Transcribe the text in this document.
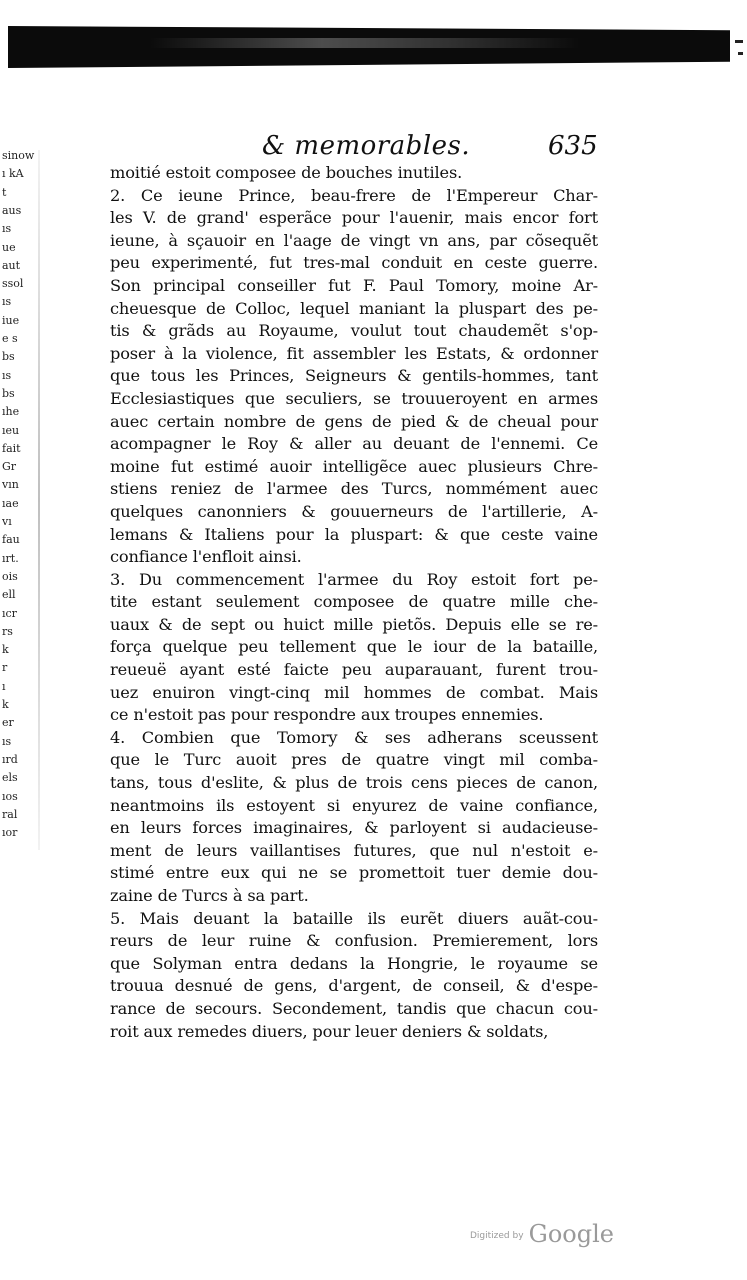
sinow
ı kA
t
aus
ıs
ue
aut
ssol
ıs
iue
e s
bs
ıs
bs
ıhe
ıeu
fait
Gr
vın
ıae
vı
fau
ırt.
ois
ell
ıcr
rs
k
r
ı
k
er
ıs
ırd
els
ıos
ral
ıor
& memorables.	635
moitié estoit composee de bouches inutiles.
2. Ce ieune Prince, beau-frere de l'Empereur Char-
les V. de grand' esperãce pour l'auenir, mais encor fort
ieune, à sçauoir en l'aage de vingt vn ans, par cõsequẽt
peu experimenté, fut tres-mal conduit en ceste guerre.
Son principal conseiller fut F. Paul Tomory, moine Ar-
cheuesque de Colloc, lequel maniant la pluspart des pe-
tis & grãds au Royaume, voulut tout chaudemẽt s'op-
poser à la violence, fit assembler les Estats, & ordonner
que tous les Princes, Seigneurs & gentils-hommes, tant
Ecclesiastiques que seculiers, se trouueroyent en armes
auec certain nombre de gens de pied & de cheual pour
acompagner le Roy & aller au deuant de l'ennemi. Ce
moine fut estimé auoir intelligẽce auec plusieurs Chre-
stiens reniez de l'armee des Turcs, nommément auec
quelques canonniers & gouuerneurs de l'artillerie, A-
lemans & Italiens pour la pluspart: & que ceste vaine
confiance l'enfloit ainsi.
3. Du commencement l'armee du Roy estoit fort pe-
tite estant seulement composee de quatre mille che-
uaux & de sept ou huict mille pietõs. Depuis elle se re-
força quelque peu tellement que le iour de la bataille,
reueuë ayant esté faicte peu auparauant, furent trou-
uez enuiron vingt-cinq mil hommes de combat. Mais
ce n'estoit pas pour respondre aux troupes ennemies.
4. Combien que Tomory & ses adherans sceussent
que le Turc auoit pres de quatre vingt mil comba-
tans, tous d'eslite, & plus de trois cens pieces de canon,
neantmoins ils estoyent si enyurez de vaine confiance,
en leurs forces imaginaires, & parloyent si audacieuse-
ment de leurs vaillantises futures, que nul n'estoit e-
stimé entre eux qui ne se promettoit tuer demie dou-
zaine de Turcs à sa part.
5. Mais deuant la bataille ils eurẽt diuers auãt-cou-
reurs de leur ruine & confusion. Premierement, lors
que Solyman entra dedans la Hongrie, le royaume se
trouua desnué de gens, d'argent, de conseil, & d'espe-
rance de secours. Secondement, tandis que chacun cou-
roit aux remedes diuers, pour leuer deniers & soldats,
$^{Digitized by}$ Google
